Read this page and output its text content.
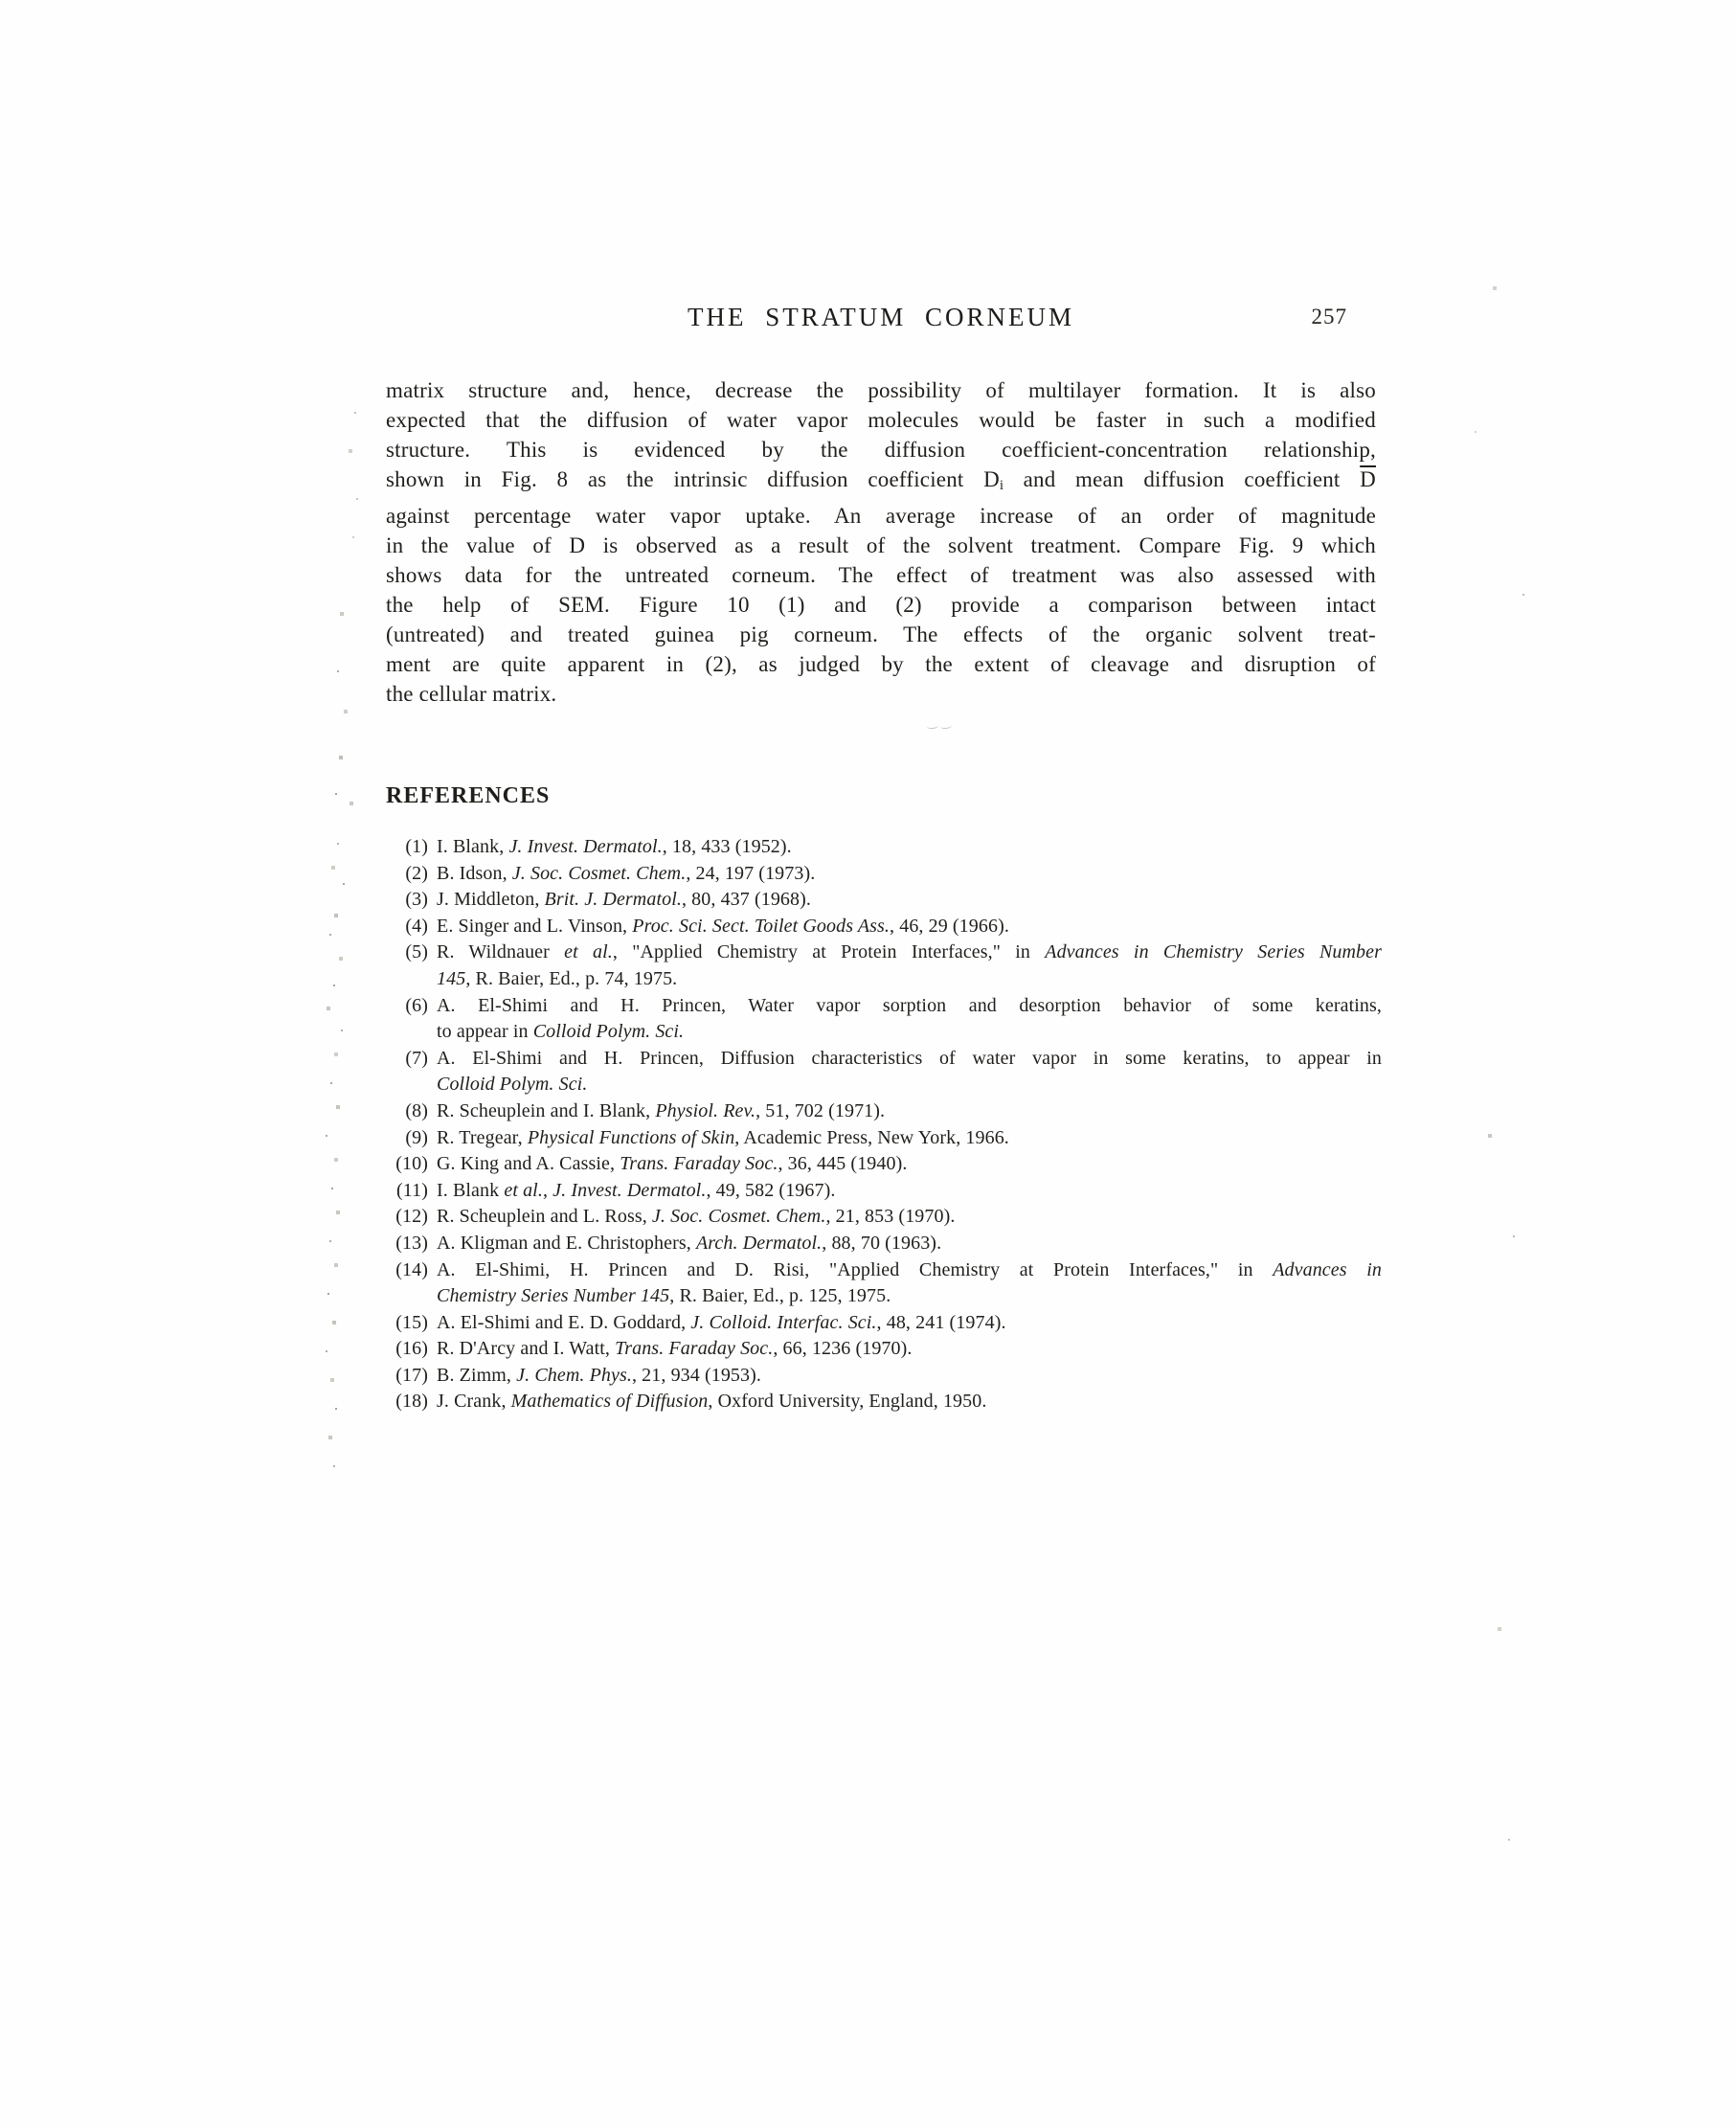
THE STRATUM CORNEUM	257
matrix structure and, hence, decrease the possibility of multilayer formation. It is also
expected that the diffusion of water vapor molecules would be faster in such a modified
structure. This is evidenced by the diffusion coefficient-concentration relationship,
shown in Fig. 8 as the intrinsic diffusion coefficient $D_i$ and mean diffusion coefficient $\overline{D}$
against percentage water vapor uptake. An average increase of an order of magnitude
in the value of D is observed as a result of the solvent treatment. Compare Fig. 9 which
shows data for the untreated corneum. The effect of treatment was also assessed with
the help of SEM. Figure 10 (1) and (2) provide a comparison between intact
(untreated) and treated guinea pig corneum. The effects of the organic solvent treat-
ment are quite apparent in (2), as judged by the extent of cleavage and disruption of
the cellular matrix.
REFERENCES
(1) I. Blank, J. Invest. Dermatol., 18, 433 (1952).
(2) B. Idson, J. Soc. Cosmet. Chem., 24, 197 (1973).
(3) J. Middleton, Brit. J. Dermatol., 80, 437 (1968).
(4) E. Singer and L. Vinson, Proc. Sci. Sect. Toilet Goods Ass., 46, 29 (1966).
(5) R. Wildnauer et al., "Applied Chemistry at Protein Interfaces," in Advances in Chemistry Series Number
145, R. Baier, Ed., p. 74, 1975.
(6) A. El-Shimi and H. Princen, Water vapor sorption and desorption behavior of some keratins,
to appear in Colloid Polym. Sci.
(7) A. El-Shimi and H. Princen, Diffusion characteristics of water vapor in some keratins, to appear in
Colloid Polym. Sci.
(8) R. Scheuplein and I. Blank, Physiol. Rev., 51, 702 (1971).
(9) R. Tregear, Physical Functions of Skin, Academic Press, New York, 1966.
(10) G. King and A. Cassie, Trans. Faraday Soc., 36, 445 (1940).
(11) I. Blank et al., J. Invest. Dermatol., 49, 582 (1967).
(12) R. Scheuplein and L. Ross, J. Soc. Cosmet. Chem., 21, 853 (1970).
(13) A. Kligman and E. Christophers, Arch. Dermatol., 88, 70 (1963).
(14) A. El-Shimi, H. Princen and D. Risi, "Applied Chemistry at Protein Interfaces," in Advances in
Chemistry Series Number 145, R. Baier, Ed., p. 125, 1975.
(15) A. El-Shimi and E. D. Goddard, J. Colloid. Interfac. Sci., 48, 241 (1974).
(16) R. D'Arcy and I. Watt, Trans. Faraday Soc., 66, 1236 (1970).
(17) B. Zimm, J. Chem. Phys., 21, 934 (1953).
(18) J. Crank, Mathematics of Diffusion, Oxford University, England, 1950.
